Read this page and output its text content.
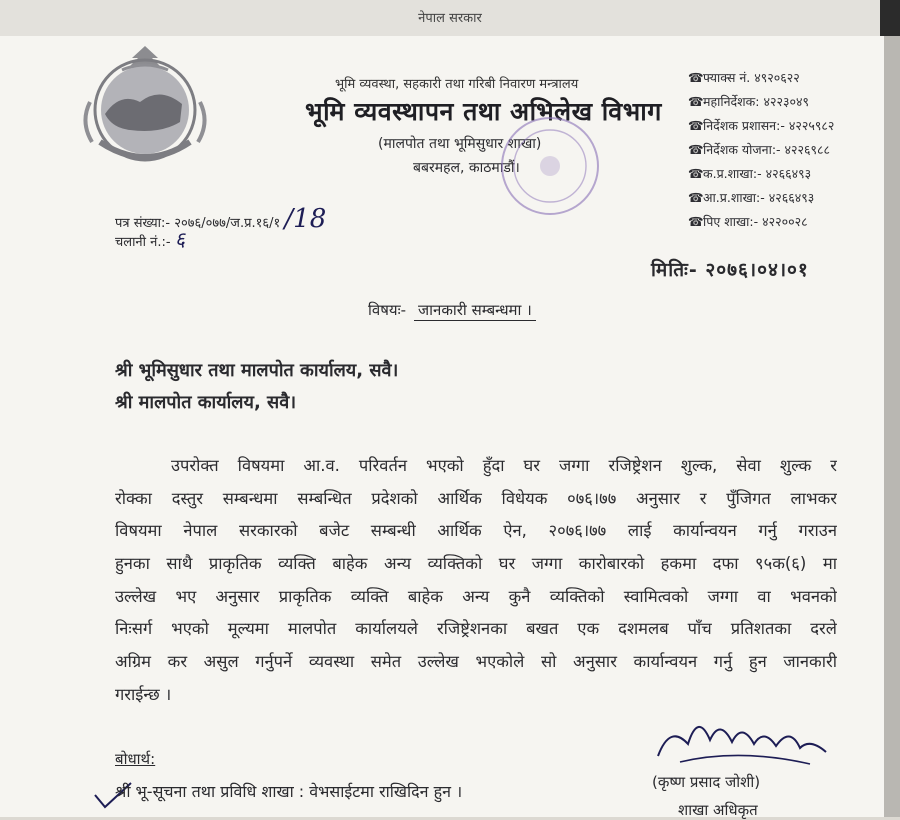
नेपाल सरकार
भूमि व्यवस्था, सहकारी तथा गरिबी निवारण मन्त्रालय
भूमि व्यवस्थापन तथा अभिलेख विभाग
(मालपोत तथा भूमिसुधार शाखा)
बबरमहल, काठमाडौं।
☎ फ्याक्स नं.
४९२०६२२
☎ महानिर्देशक:
४२२३०४९
☎ निर्देशक प्रशासन:-
४२२५९८२
☎ निर्देशक योजना:-
४२२६९८८
☎ क.प्र.शाखा:-
४२६६४९३
☎ आ.प्र.शाखा:-
४२६६४९३
☎ पिए शाखा:-
४२२००२८
पत्र संख्या:- २०७६/०७७/ज.प्र.१६/१ /18
चलानी नं.:- ६
मितिः- २०७६।०४।०१
विषयः- जानकारी सम्बन्धमा ।
श्री भूमिसुधार तथा मालपोत कार्यालय, सवै।
श्री मालपोत कार्यालय, सवै।
उपरोक्त विषयमा आ.व. परिवर्तन भएको हुँदा घर जग्गा रजिष्ट्रेशन शुल्क, सेवा शुल्क र
रोक्का दस्तुर सम्बन्धमा सम्बन्धित प्रदेशको आर्थिक विधेयक ०७६।७७ अनुसार र पुँजिगत लाभकर
विषयमा नेपाल सरकारको बजेट सम्बन्धी आर्थिक ऐन, २०७६।७७ लाई कार्यान्वयन गर्नु गराउन
हुनका साथै प्राकृतिक व्यक्ति बाहेक अन्य व्यक्तिको घर जग्गा कारोबारको हकमा दफा ९५क(६) मा
उल्लेख भए अनुसार प्राकृतिक व्यक्ति बाहेक अन्य कुनै व्यक्तिको स्वामित्वको जग्गा वा भवनको
निःसर्ग भएको मूल्यमा मालपोत कार्यालयले रजिष्ट्रेशनका बखत एक दशमलब पाँच प्रतिशतका दरले
अग्रिम कर असुल गर्नुपर्ने व्यवस्था समेत उल्लेख भएकोले सो अनुसार कार्यान्वयन गर्नु हुन जानकारी
गराईन्छ ।
बोधार्थ:
श्री भू-सूचना तथा प्रविधि शाखा : वेभसाईटमा राखिदिन हुन ।	(कृष्ण प्रसाद जोशी)
शाखा अधिकृत
